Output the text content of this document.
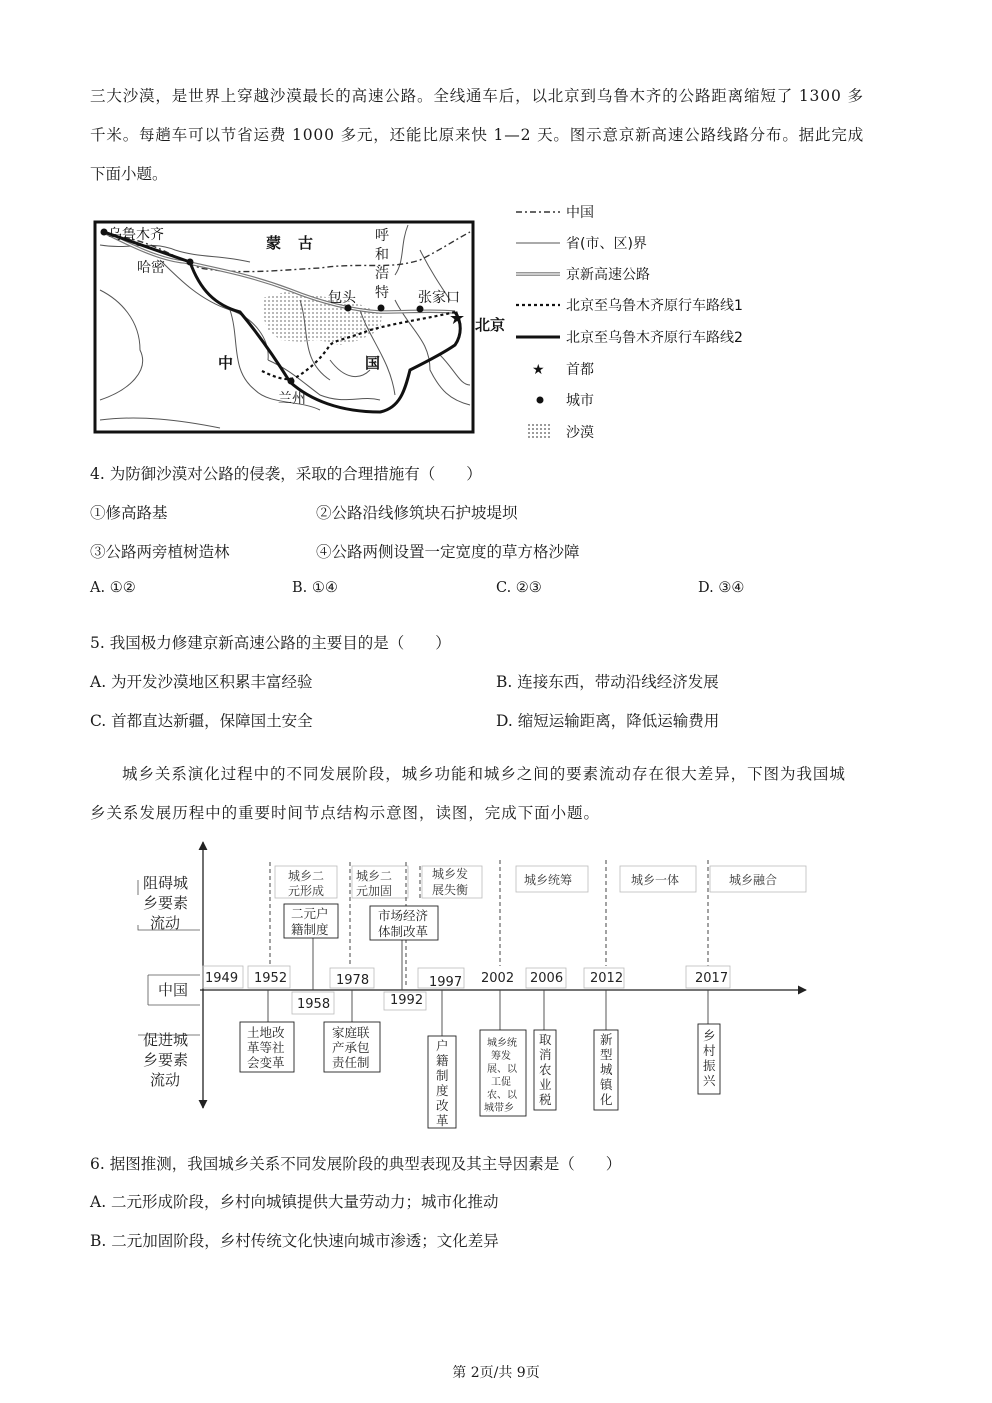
三大沙漠，是世界上穿越沙漠最长的高速公路。全线通车后，以北京到乌鲁木齐的公路距离缩短了 1300 多
千米。每趟车可以节省运费 1000 多元，还能比原来快 1—2 天。图示意京新高速公路线路分布。据此完成
下面小题。
★
乌鲁木齐
哈密
蒙 古	呼
和
浩
特
包头	张家口
北京
中	国
兰州
中国
省(市、区)界
京新高速公路
北京至乌鲁木齐原行车路线1
北京至乌鲁木齐原行车路线2
★ 首都
城市
沙漠
4. 为防御沙漠对公路的侵袭，采取的合理措施有（　　）
①修高路基	②公路沿线修筑块石护坡堤坝
③公路两旁植树造林	④公路两侧设置一定宽度的草方格沙障
A. ①②	B. ①④	C. ②③	D. ③④
5. 我国极力修建京新高速公路的主要目的是（　　）
A. 为开发沙漠地区积累丰富经验	B. 连接东西，带动沿线经济发展
C. 首都直达新疆，保障国土安全	D. 缩短运输距离，降低运输费用
城乡关系演化过程中的不同发展阶段，城乡功能和城乡之间的要素流动存在很大差异，下图为我国城
乡关系发展历程中的重要时间节点结构示意图，读图，完成下面小题。
阻碍城
乡要素
流动
中国
促进城
乡要素
流动
城乡二
元形成
城乡二
元加固
城乡发
展失衡
城乡统筹	城乡一体	城乡融合
1949 1952
1958
1978
1992
1997 2002 2006 2012	2017
二元户
籍制度
市场经济
体制改革
土地改
革等社
会变革
家庭联
产承包
责任制
户
籍
制
度
改
革
城乡统
筹发
展、以
工促
农、以
城带乡
取
消
农
业
税
新
型
城
镇
化
乡
村
振
兴
6. 据图推测，我国城乡关系不同发展阶段的典型表现及其主导因素是（　　）
A. 二元形成阶段，乡村向城镇提供大量劳动力；城市化推动
B. 二元加固阶段，乡村传统文化快速向城市渗透；文化差异
第 2页/共 9页
